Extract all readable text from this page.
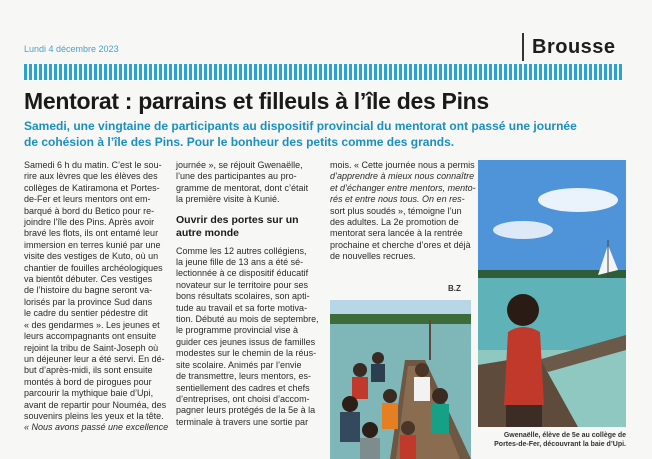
Lundi 4 décembre 2023	Brousse
Mentorat : parrains et filleuls à l’île des Pins
Samedi, une vingtaine de participants au dispositif provincial du mentorat ont passé une journée
de cohésion à l’île des Pins. Pour le bonheur des petits comme des grands.
Samedi 6 h du matin. C’est le sou-
rire aux lèvres que les élèves des
collèges de Katiramona et Portes-
de-Fer et leurs mentors ont em-
barqué à bord du Betico pour re-
joindre l’île des Pins. Après avoir
bravé les flots, ils ont entamé leur
immersion en terres kunié par une
visite des vestiges de Kuto, où un
chantier de fouilles archéologiques
va bientôt débuter. Ces vestiges
de l’histoire du bagne seront va-
lorisés par la province Sud dans
le cadre du sentier pédestre dit
« des gendarmes ». Les jeunes et
leurs accompagnants ont ensuite
rejoint la tribu de Saint-Joseph où
un déjeuner leur a été servi. En dé-
but d’après-midi, ils sont ensuite
montés à bord de pirogues pour
parcourir la mythique baie d’Upi,
avant de repartir pour Nouméa, des
souvenirs pleins les yeux et la tête.
« Nous avons passé une excellence
journée », se réjouit Gwenaëlle,
l’une des participantes au pro-
gramme de mentorat, dont c’était
la première visite à Kunié.
Ouvrir des portes sur un
autre monde
Comme les 12 autres collégiens,
la jeune fille de 13 ans a été sé-
lectionnée à ce dispositif éducatif
novateur sur le territoire pour ses
bons résultats scolaires, son apti-
tude au travail et sa forte motiva-
tion. Débuté au mois de septembre,
le programme provincial vise à
guider ces jeunes issus de familles
modestes sur le chemin de la réus-
site scolaire. Animés par l’envie
de transmettre, leurs mentors, es-
sentiellement des cadres et chefs
d’entreprises, ont choisi d’accom-
pagner leurs protégés de la 5e à la
terminale à travers une sortie par
mois. « Cette journée nous a permis
d’apprendre à mieux nous connaître
et d’échanger entre mentors, mento-
rés et entre nous tous. On en res-
sort plus soudés », témoigne l’un
des adultes. La 2e promotion de
mentorat sera lancée à la rentrée
prochaine et cherche d’ores et déjà
de nouvelles recrues.
B.Z
Gwenaëlle, élève de 5e au collège de
Portes-de-Fer, découvrant la baie d’Upi.
